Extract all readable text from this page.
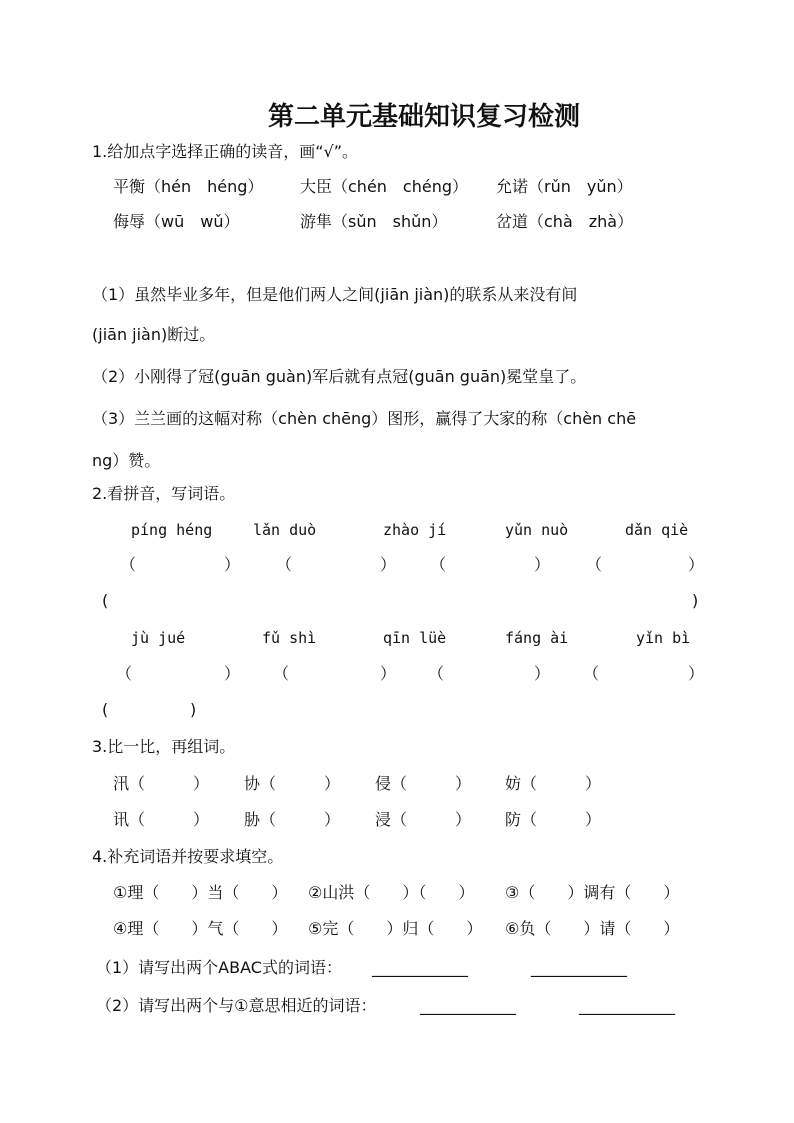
第二单元基础知识复习检测
1.给加点字选择正确的读音，画“√”。
平衡（hén　héng） 大臣（chén　chéng） 允诺（rǔn　yǔn）
侮辱（wū　wǔ）	游隼（sǔn　shǔn）	岔道（chà　zhà）
（1）虽然毕业多年，但是他们两人之间(jiān jiàn)的联系从来没有间
(jiān jiàn)断过。
（2）小刚得了冠(guān guàn)军后就有点冠(guān guān)冕堂皇了。
（3）兰兰画的这幅对称（chèn chēng）图形，赢得了大家的称（chèn chē
ng）赞。
2.看拼音，写词语。
píng héng	lǎn duò	zhào jí	yǔn nuò	dǎn qiè
（	） （	） （	） （	）
(	)
jù jué	fǔ shì	qīn lüè	fáng ài	yǐn bì
（	） （	） （	） （	）
(	)
3.比一比，再组词。
汛（　　　） 协（　　　） 侵（　　　） 妨（　　　）
讯（　　　） 胁（　　　） 浸（　　　） 防（　　　）
4.补充词语并按要求填空。
①理（　　）当（　　） ②山洪（　　）（　　） ③（　　）调有（　　）
④理（　　）气（　　） ⑤完（　　）归（　　） ⑥负（　　）请（　　）
（1）请写出两个ABAC式的词语： ____________	____________
（2）请写出两个与①意思相近的词语：	____________	____________
